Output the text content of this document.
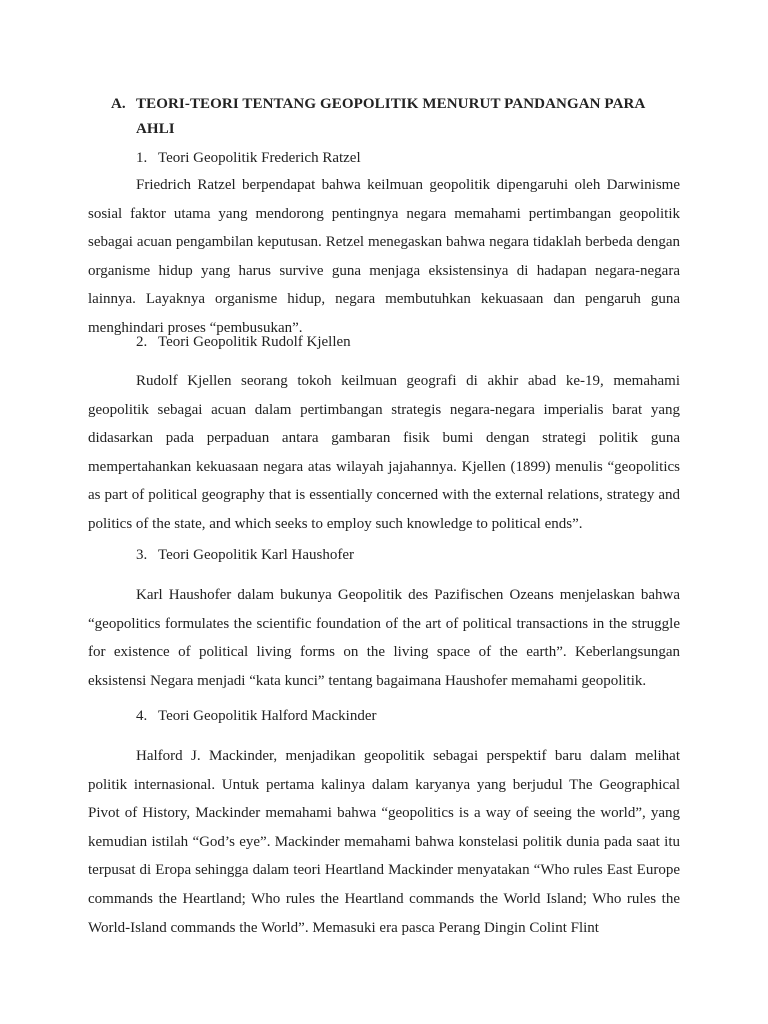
A. TEORI-TEORI TENTANG GEOPOLITIK MENURUT PANDANGAN PARA AHLI
1. Teori Geopolitik Frederich Ratzel

Friedrich Ratzel berpendapat bahwa keilmuan geopolitik dipengaruhi oleh Darwinisme sosial faktor utama yang mendorong pentingnya negara memahami pertimbangan geopolitik sebagai acuan pengambilan keputusan. Retzel menegaskan bahwa negara tidaklah berbeda dengan organisme hidup yang harus survive guna menjaga eksistensinya di hadapan negara-negara lainnya. Layaknya organisme hidup, negara membutuhkan kekuasaan dan pengaruh guna menghindari proses “pembusukan”.

2. Teori Geopolitik Rudolf Kjellen

Rudolf Kjellen seorang tokoh keilmuan geografi di akhir abad ke-19, memahami geopolitik sebagai acuan dalam pertimbangan strategis negara-negara imperialis barat yang didasarkan pada perpaduan antara gambaran fisik bumi dengan strategi politik guna mempertahankan kekuasaan negara atas wilayah jajahannya. Kjellen (1899) menulis “geopolitics as part of political geography that is essentially concerned with the external relations, strategy and politics of the state, and which seeks to employ such knowledge to political ends”.

3. Teori Geopolitik Karl Haushofer

Karl Haushofer dalam bukunya Geopolitik des Pazifischen Ozeans menjelaskan bahwa “geopolitics formulates the scientific foundation of the art of political transactions in the struggle for existence of political living forms on the living space of the earth”. Keberlangsungan eksistensi Negara menjadi “kata kunci” tentang bagaimana Haushofer memahami geopolitik.

4. Teori Geopolitik Halford Mackinder

Halford J. Mackinder, menjadikan geopolitik sebagai perspektif baru dalam melihat politik internasional. Untuk pertama kalinya dalam karyanya yang berjudul The Geographical Pivot of History, Mackinder memahami bahwa “geopolitics is a way of seeing the world”, yang kemudian istilah “God’s eye”. Mackinder memahami bahwa konstelasi politik dunia pada saat itu terpusat di Eropa sehingga dalam teori Heartland Mackinder menyatakan “Who rules East Europe commands the Heartland; Who rules the Heartland commands the World Island; Who rules the World-Island commands the World”. Memasuki era pasca Perang Dingin Colint Flint
